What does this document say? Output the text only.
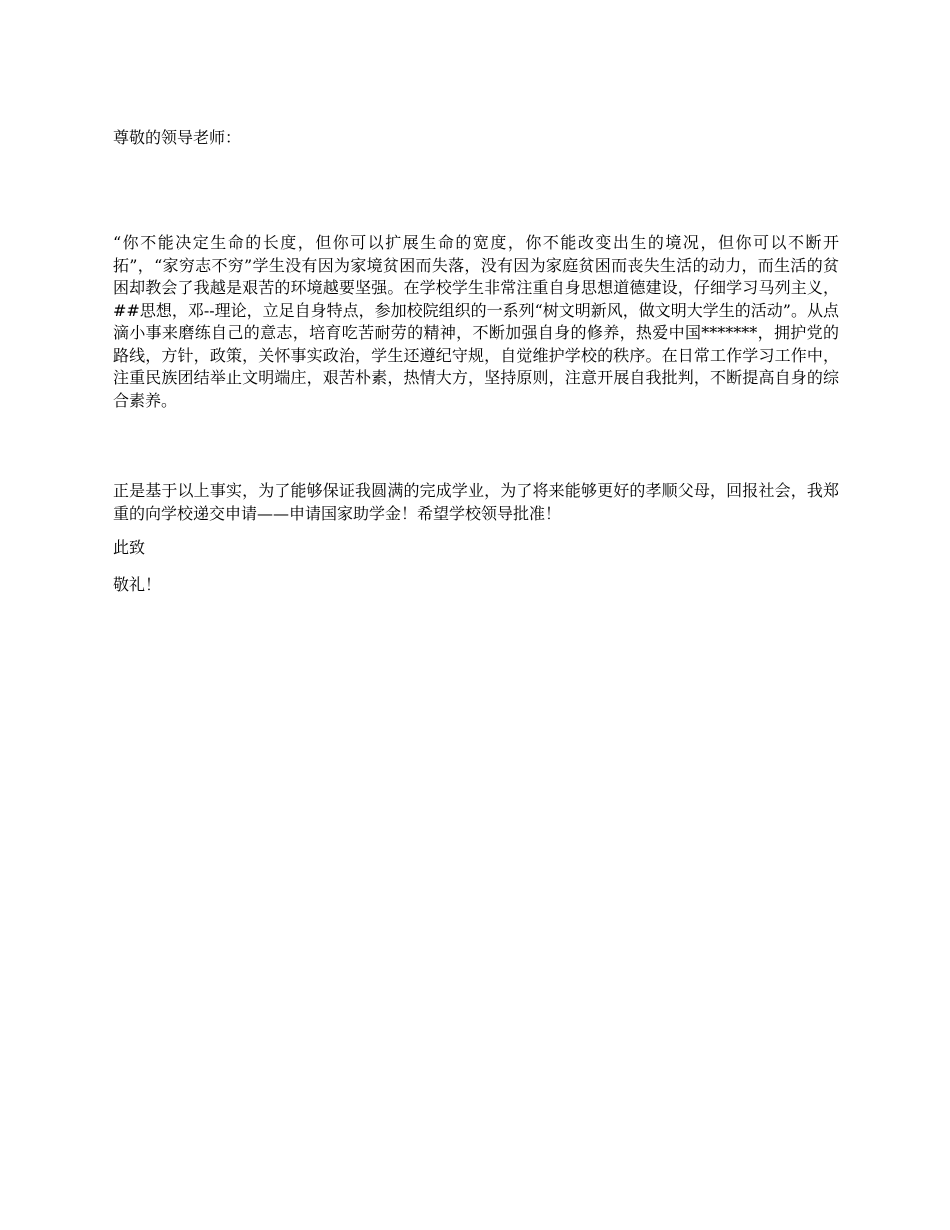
尊敬的领导老师：

“你不能决定生命的长度，但你可以扩展生命的宽度，你不能改变出生的境况，但你可以不断开拓”，“家穷志不穷”学生没有因为家境贫困而失落，没有因为家庭贫困而丧失生活的动力，而生活的贫困却教会了我越是艰苦的环境越要坚强。在学校学生非常注重自身思想道德建设，仔细学习马列主义，##思想，邓--理论，立足自身特点，参加校院组织的一系列“树文明新风，做文明大学生的活动”。从点滴小事来磨练自己的意志，培育吃苦耐劳的精神，不断加强自身的修养，热爱中国*******，拥护党的路线，方针，政策，关怀事实政治，学生还遵纪守规，自觉维护学校的秩序。在日常工作学习工作中，注重民族团结举止文明端庄，艰苦朴素，热情大方，坚持原则，注意开展自我批判，不断提高自身的综合素养。

正是基于以上事实，为了能够保证我圆满的完成学业，为了将来能够更好的孝顺父母，回报社会，我郑重的向学校递交申请——申请国家助学金！希望学校领导批准！

此致

敬礼！
